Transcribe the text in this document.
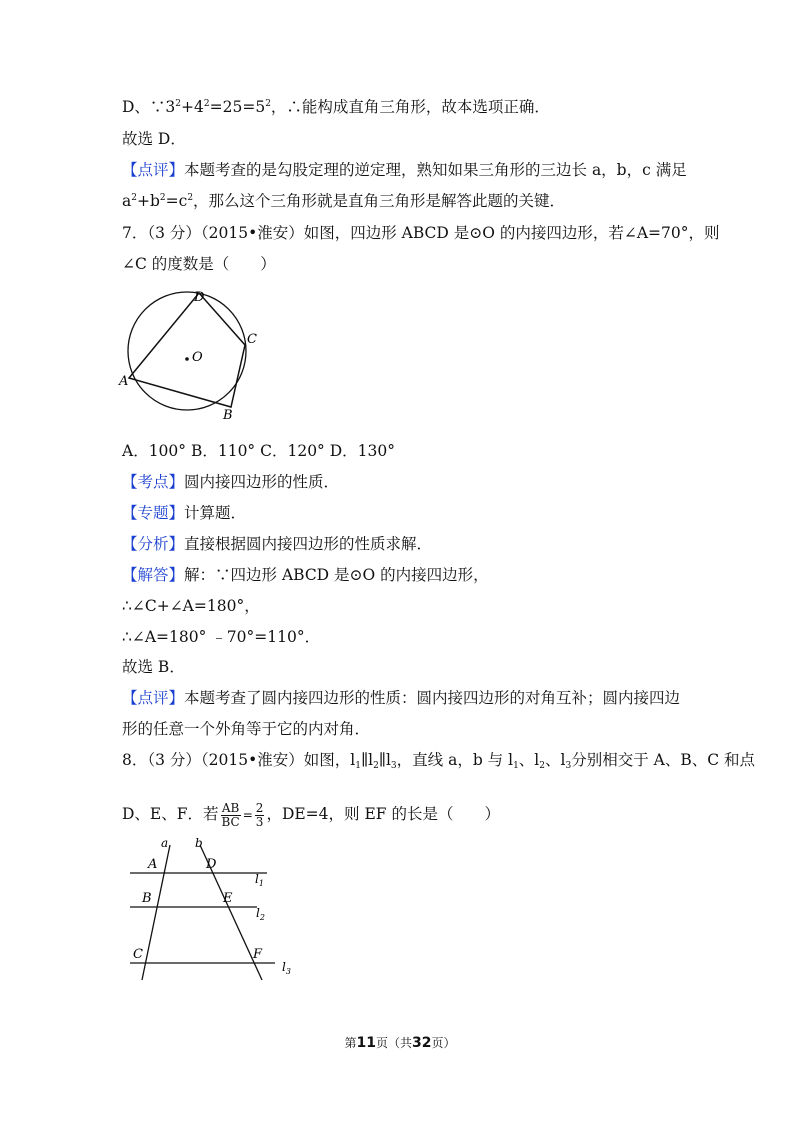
D、$\because 3^2+4^2=25=5^2$，∴能构成直角三角形，故本选项正确．
故选 D．
【点评】本题考查的是勾股定理的逆定理，熟知如果三角形的三边长 a，b，c 满足
$a^2+b^2=c^2$，那么这个三角形就是直角三角形是解答此题的关键．
7．（3 分）（2015•淮安）如图，四边形 ABCD 是⊙O 的内接四边形，若∠A=70°，则
∠C 的度数是（　　）
D
C
O
A
B
A．100° B．110° C．120° D．130°
【考点】圆内接四边形的性质．
【专题】计算题．
【分析】直接根据圆内接四边形的性质求解．
【解答】解：∵四边形 ABCD 是⊙O 的内接四边形，
∴∠C+∠A=180°，
∴∠A=180° ﹣70°=110°．
故选 B．
【点评】本题考查了圆内接四边形的性质：圆内接四边形的对角互补；圆内接四边
形的任意一个外角等于它的内对角．
8．（3 分）（2015•淮安）如图，$l_1\parallel l_2\parallel l_3$，直线 a，b 与 $l_1$、$l_2$、$l_3$分别相交于 A、B、C 和点
D、E、F．若 $\frac{AB}{BC} = \frac{2}{3}$ ，DE=4，则 EF 的长是（　　）
a b
A	D
B	E
C	F
$l_1$
$l_2$
$l_3$
第11页（共32页）
